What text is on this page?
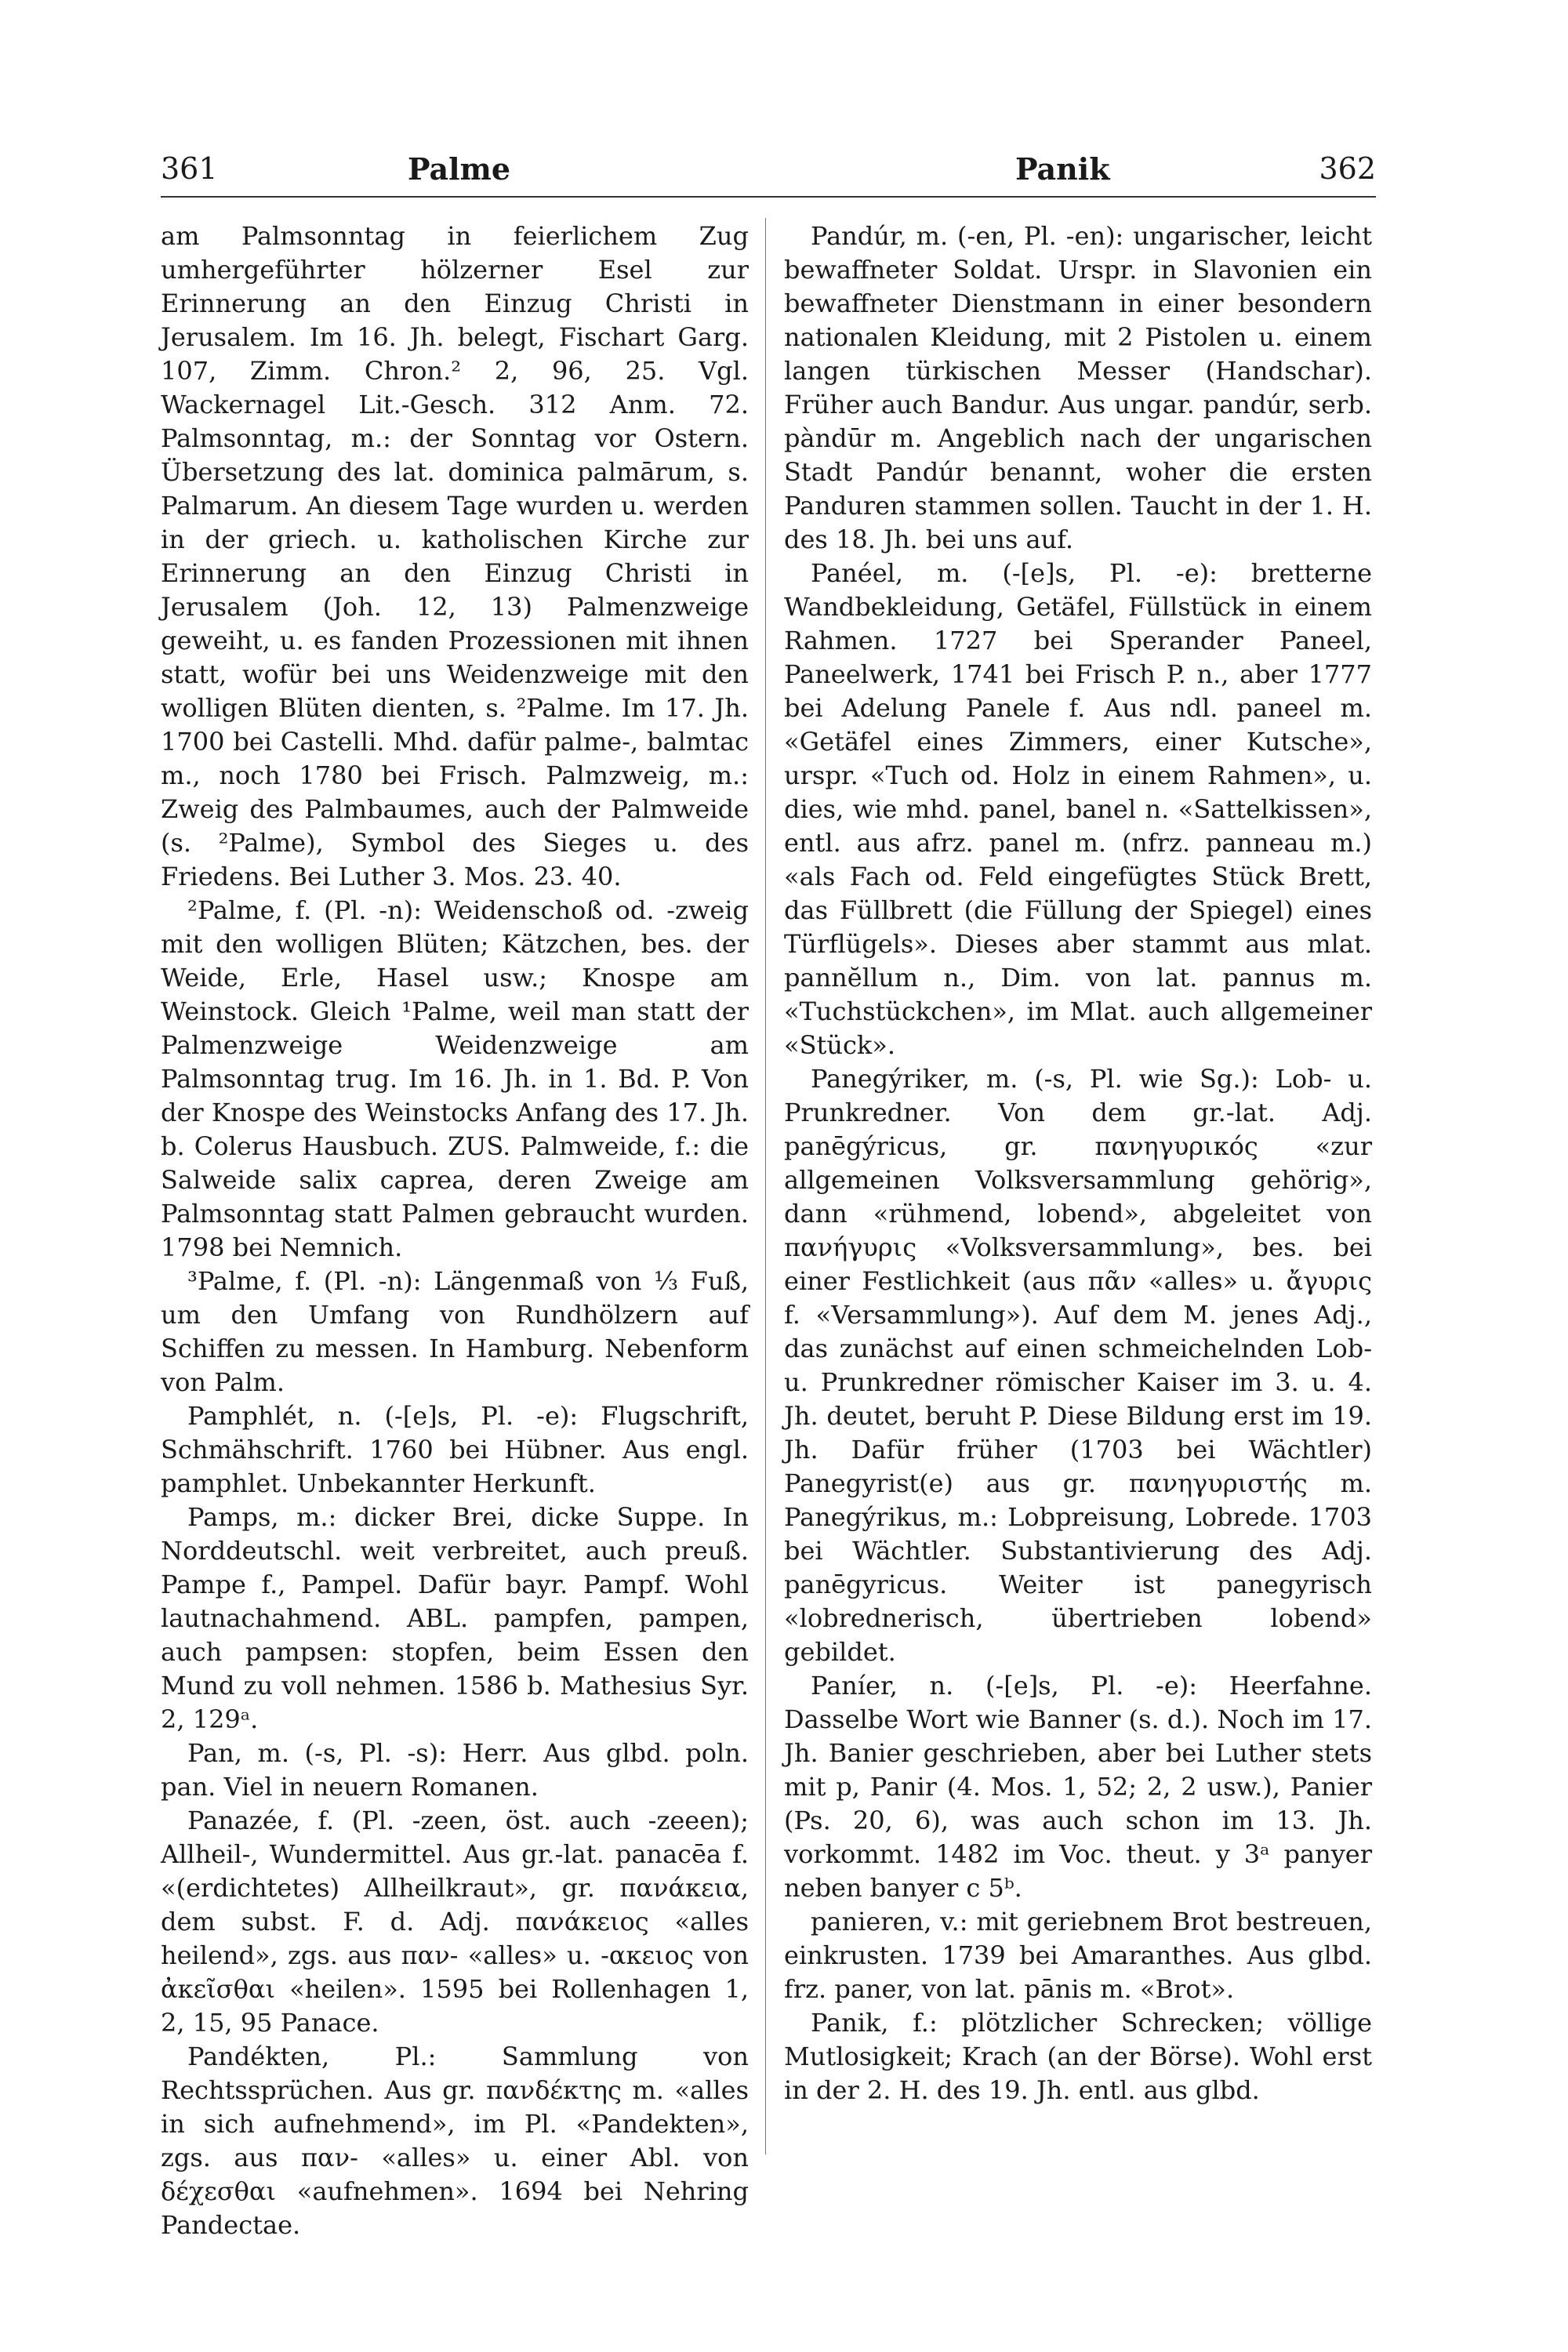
361	Palme	Panik	362

am Palmsonntag in feierlichem Zug umhergeführter hölzerner Esel zur Erinnerung an den Einzug Christi in Jerusalem. Im 16. Jh. belegt, Fischart Garg. 107, Zimm. Chron.² 2, 96, 25. Vgl. Wackernagel Lit.-Gesch. 312 Anm. 72. Palmsonntag, m.: der Sonntag vor Ostern. Übersetzung des lat. dominica palmārum, s. Palmarum. An diesem Tage wurden u. werden in der griech. u. katholischen Kirche zur Erinnerung an den Einzug Christi in Jerusalem (Joh. 12, 13) Palmenzweige geweiht, u. es fanden Prozessionen mit ihnen statt, wofür bei uns Weidenzweige mit den wolligen Blüten dienten, s. ²Palme. Im 17. Jh. 1700 bei Castelli. Mhd. dafür palme-, balmtac m., noch 1780 bei Frisch. Palmzweig, m.: Zweig des Palmbaumes, auch der Palmweide (s. ²Palme), Symbol des Sieges u. des Friedens. Bei Luther 3. Mos. 23. 40.

²Palme, f. (Pl. -n): Weidenschoß od. -zweig mit den wolligen Blüten; Kätzchen, bes. der Weide, Erle, Hasel usw.; Knospe am Weinstock. Gleich ¹Palme, weil man statt der Palmenzweige Weidenzweige am Palmsonntag trug. Im 16. Jh. in 1. Bd. P. Von der Knospe des Weinstocks Anfang des 17. Jh. b. Colerus Hausbuch. ZUS. Palmweide, f.: die Salweide salix caprea, deren Zweige am Palmsonntag statt Palmen gebraucht wurden. 1798 bei Nemnich.

³Palme, f. (Pl. -n): Längenmaß von ⅓ Fuß, um den Umfang von Rundhölzern auf Schiffen zu messen. In Hamburg. Nebenform von Palm.

Pamphlét, n. (-[e]s, Pl. -e): Flugschrift, Schmähschrift. 1760 bei Hübner. Aus engl. pamphlet. Unbekannter Herkunft.

Pamps, m.: dicker Brei, dicke Suppe. In Norddeutschl. weit verbreitet, auch preuß. Pampe f., Pampel. Dafür bayr. Pampf. Wohl lautnachahmend. ABL. pampfen, pampen, auch pampsen: stopfen, beim Essen den Mund zu voll nehmen. 1586 b. Mathesius Syr. 2, 129ᵃ.

Pan, m. (-s, Pl. -s): Herr. Aus glbd. poln. pan. Viel in neuern Romanen.

Panazée, f. (Pl. -zeen, öst. auch -zeeen); Allheil-, Wundermittel. Aus gr.-lat. panacēa f. «(erdichtetes) Allheilkraut», gr. πανάκεια, dem subst. F. d. Adj. πανάκειος «alles heilend», zgs. aus παν- «alles» u. -ακειος von ἀκεῖσθαι «heilen». 1595 bei Rollenhagen 1, 2, 15, 95 Panace.

Pandékten, Pl.: Sammlung von Rechtssprüchen. Aus gr. πανδέκτης m. «alles in sich aufnehmend», im Pl. «Pandekten», zgs. aus παν- «alles» u. einer Abl. von δέχεσθαι «aufnehmen». 1694 bei Nehring Pandectae.

Pandúr, m. (-en, Pl. -en): ungarischer, leicht bewaffneter Soldat. Urspr. in Slavonien ein bewaffneter Dienstmann in einer besondern nationalen Kleidung, mit 2 Pistolen u. einem langen türkischen Messer (Handschar). Früher auch Bandur. Aus ungar. pandúr, serb. pàndūr m. Angeblich nach der ungarischen Stadt Pandúr benannt, woher die ersten Panduren stammen sollen. Taucht in der 1. H. des 18. Jh. bei uns auf.

Panéel, m. (-[e]s, Pl. -e): bretterne Wandbekleidung, Getäfel, Füllstück in einem Rahmen. 1727 bei Sperander Paneel, Paneelwerk, 1741 bei Frisch P. n., aber 1777 bei Adelung Panele f. Aus ndl. paneel m. «Getäfel eines Zimmers, einer Kutsche», urspr. «Tuch od. Holz in einem Rahmen», u. dies, wie mhd. panel, banel n. «Sattelkissen», entl. aus afrz. panel m. (nfrz. panneau m.) «als Fach od. Feld eingefügtes Stück Brett, das Füllbrett (die Füllung der Spiegel) eines Türflügels». Dieses aber stammt aus mlat. pannĕllum n., Dim. von lat. pannus m. «Tuchstückchen», im Mlat. auch allgemeiner «Stück».

Panegýriker, m. (-s, Pl. wie Sg.): Lob- u. Prunkredner. Von dem gr.-lat. Adj. panēgýricus, gr. πανηγυρικός «zur allgemeinen Volksversammlung gehörig», dann «rühmend, lobend», abgeleitet von πανήγυρις «Volksversammlung», bes. bei einer Festlichkeit (aus πᾶν «alles» u. ἄγυρις f. «Versammlung»). Auf dem M. jenes Adj., das zunächst auf einen schmeichelnden Lob- u. Prunkredner römischer Kaiser im 3. u. 4. Jh. deutet, beruht P. Diese Bildung erst im 19. Jh. Dafür früher (1703 bei Wächtler) Panegyrist(e) aus gr. πανηγυριστής m. Panegýrikus, m.: Lobpreisung, Lobrede. 1703 bei Wächtler. Substantivierung des Adj. panēgyricus. Weiter ist panegyrisch «lobrednerisch, übertrieben lobend» gebildet.

Paníer, n. (-[e]s, Pl. -e): Heerfahne. Dasselbe Wort wie Banner (s. d.). Noch im 17. Jh. Banier geschrieben, aber bei Luther stets mit p, Panir (4. Mos. 1, 52; 2, 2 usw.), Panier (Ps. 20, 6), was auch schon im 13. Jh. vorkommt. 1482 im Voc. theut. y 3ᵃ panyer neben banyer c 5ᵇ.

panieren, v.: mit geriebnem Brot bestreuen, einkrusten. 1739 bei Amaranthes. Aus glbd. frz. paner, von lat. pānis m. «Brot».

Panik, f.: plötzlicher Schrecken; völlige Mutlosigkeit; Krach (an der Börse). Wohl erst in der 2. H. des 19. Jh. entl. aus glbd.
